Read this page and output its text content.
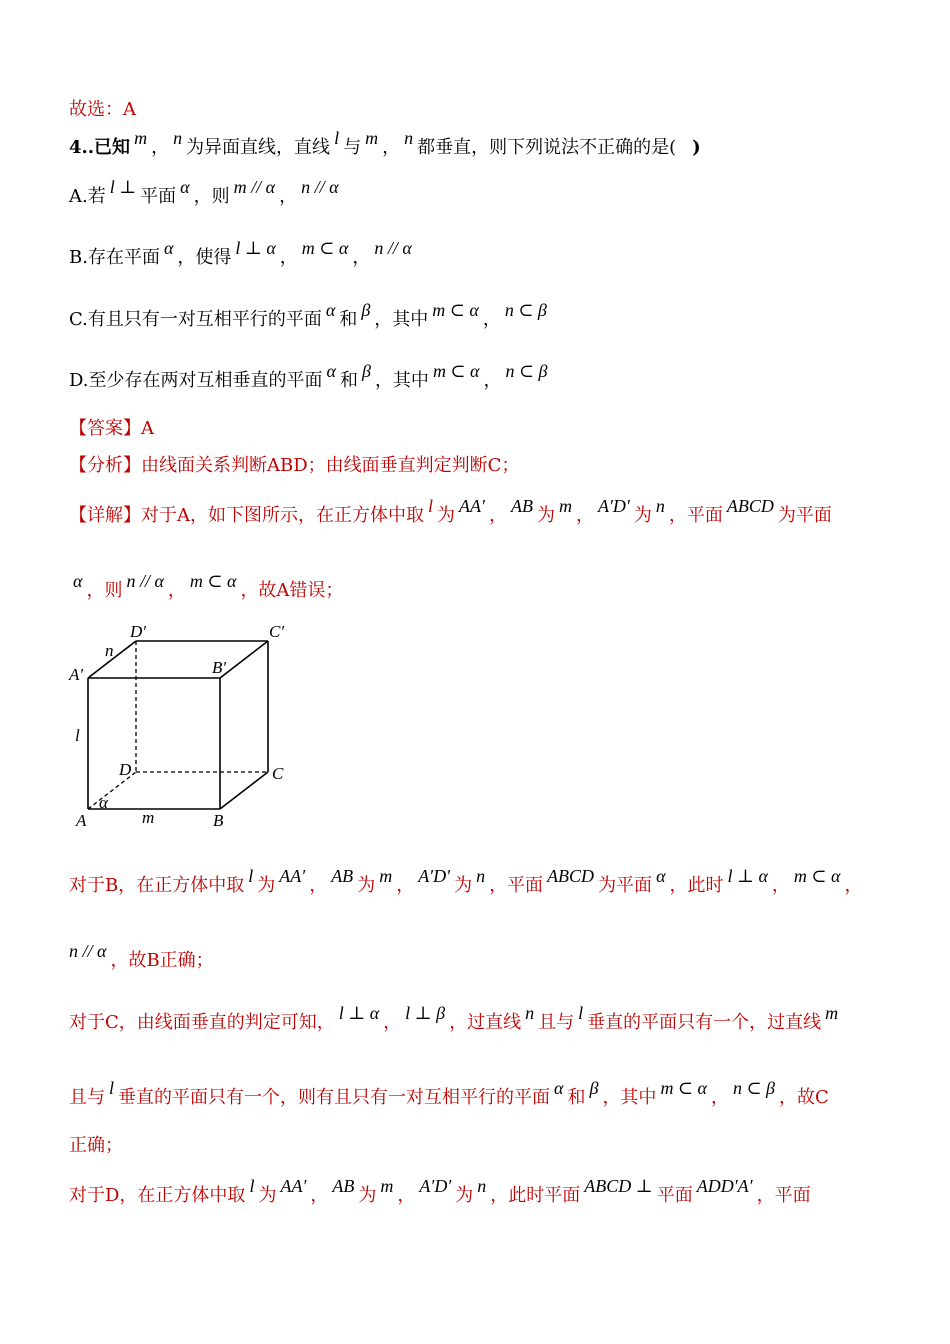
故选：A
4..已知 m ， n 为异面直线，直线 l 与 m ， n 都垂直，则下列说法不正确的是( )
A.若 l ⊥ 平面 α ，则 m // α ， n // α
B.存在平面 α ，使得 l ⊥ α ， m ⊂ α ， n // α
C.有且只有一对互相平行的平面 α 和 β ，其中 m ⊂ α ， n ⊂ β
D.至少存在两对互相垂直的平面 α 和 β ，其中 m ⊂ α ， n ⊂ β
【答案】A
【分析】由线面关系判断ABD；由线面垂直判定判断C；
【详解】对于A，如下图所示，在正方体中取 l 为 AA′ ， AB 为 m ， A′D′ 为 n ，平面 ABCD 为平面
α ，则 n // α ， m ⊂ α ，故A错误；
D′	C′
B′
A′
n
l
D	C
α
A	m	B
对于B，在正方体中取 l 为 AA′ ， AB 为 m ， A′D′ 为 n ，平面 ABCD 为平面 α ，此时 l ⊥ α ， m ⊂ α ，
n // α ，故B正确；
对于C，由线面垂直的判定可知， l ⊥ α ， l ⊥ β ，过直线 n 且与 l 垂直的平面只有一个，过直线 m
且与 l 垂直的平面只有一个，则有且只有一对互相平行的平面 α 和 β ，其中 m ⊂ α ， n ⊂ β ，故C
正确；
对于D，在正方体中取 l 为 AA′ ， AB 为 m ， A′D′ 为 n ，此时平面 ABCD ⊥ 平面 ADD′A′ ，平面
